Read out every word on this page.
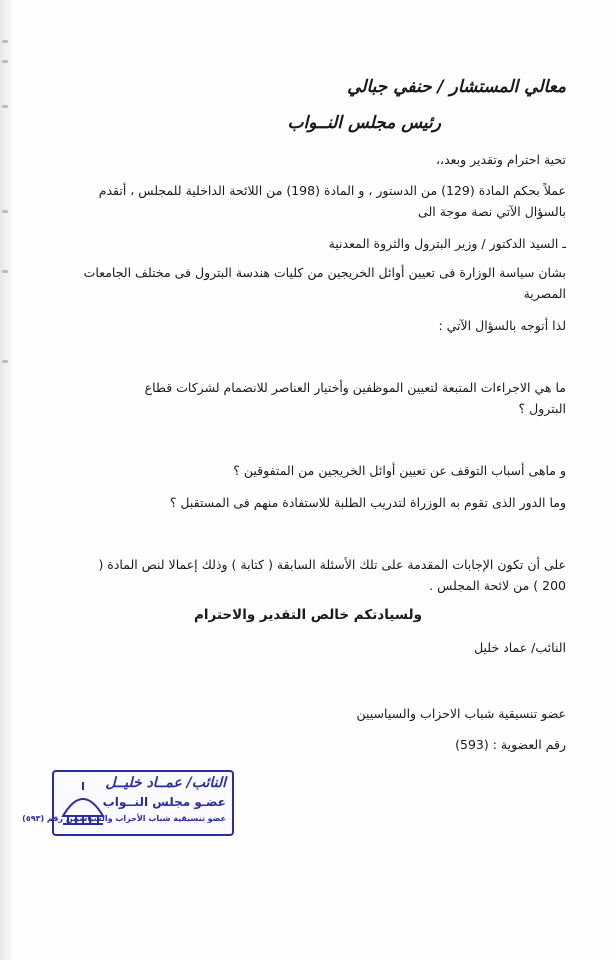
معالي المستشار / حنفي جبالي
رئيس مجلس النــواب
تحية احترام وتقدير وبعد،،
عملاً بحكم المادة (129) من الدستور ، و المادة (198) من اللائحة الداخلية للمجلس ، أتقدم
بالسؤال الآتي نصة موجة الى
ـ السيد الدكتور / وزير البترول والثروة المعدنية
بشان سياسة الوزارة فى تعيين أوائل الخريجين من كليات هندسة البترول فى مختلف الجامعات
المصرية
لذا أتوجه بالسؤال الآتي :
ما هي الاجراءات المتبعة لتعيين الموظفين وأختيار العناصر للانضمام لشركات قطاع
البترول ؟
و ماهى أسباب التوقف عن تعيين أوائل الخريجين من المتفوقين ؟
وما الدور الذى تقوم به الوزراة لتدريب الطلبة للاستفادة منهم فى المستقبل ؟
على أن تكون الإجابات المقدمة على تلك الأسئلة السابقة ( كتابة ) وذلك إعمالا لنص المادة (
200 ) من لائحة المجلس .
ولسيادتكم خالص التقدير والاحترام
النائب/ عماد خليل
عضو تنسيقية شباب الاحزاب والسياسيين
رقم العضوية : (593)
النائب/ عمــاد خليــل
عضـو مجلس النــواب
عضو تنسيقية شباب الأحزاب والسياسيين رقم (٥٩٣)
